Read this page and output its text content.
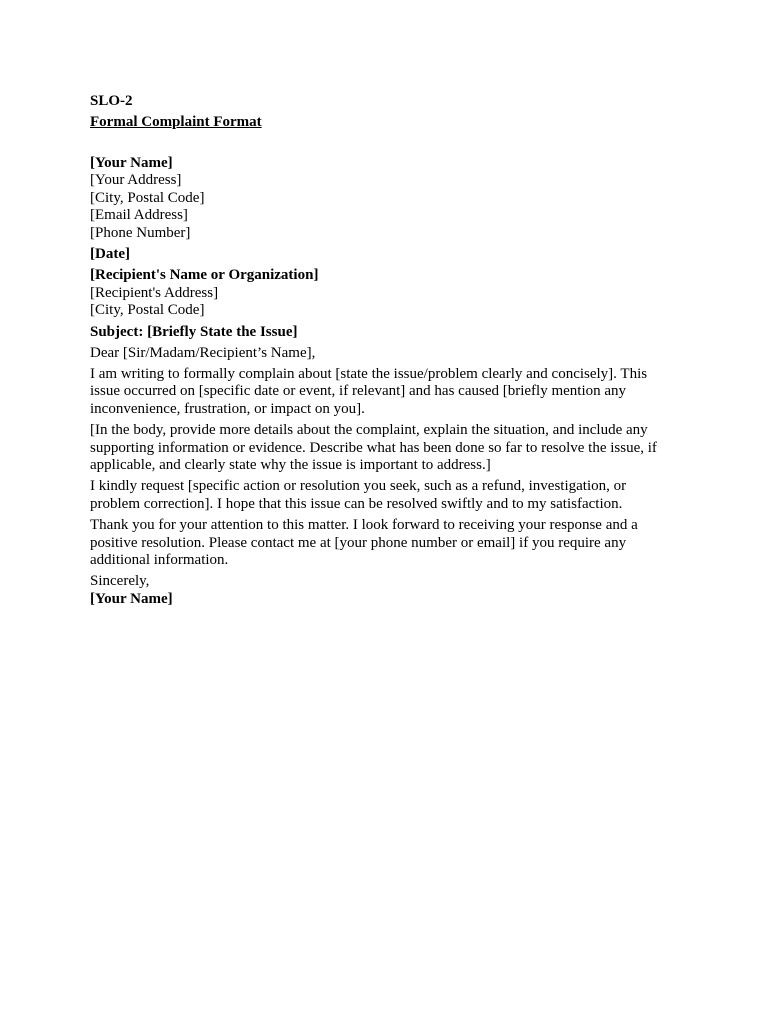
SLO-2
Formal Complaint Format
[Your Name]
[Your Address]
[City, Postal Code]
[Email Address]
[Phone Number]
[Date]
[Recipient's Name or Organization]
[Recipient's Address]
[City, Postal Code]
Subject: [Briefly State the Issue]
Dear [Sir/Madam/Recipient’s Name],
I am writing to formally complain about [state the issue/problem clearly and concisely]. This issue occurred on [specific date or event, if relevant] and has caused [briefly mention any inconvenience, frustration, or impact on you].
[In the body, provide more details about the complaint, explain the situation, and include any supporting information or evidence. Describe what has been done so far to resolve the issue, if applicable, and clearly state why the issue is important to address.]
I kindly request [specific action or resolution you seek, such as a refund, investigation, or problem correction]. I hope that this issue can be resolved swiftly and to my satisfaction.
Thank you for your attention to this matter. I look forward to receiving your response and a positive resolution. Please contact me at [your phone number or email] if you require any additional information.
Sincerely,
[Your Name]
